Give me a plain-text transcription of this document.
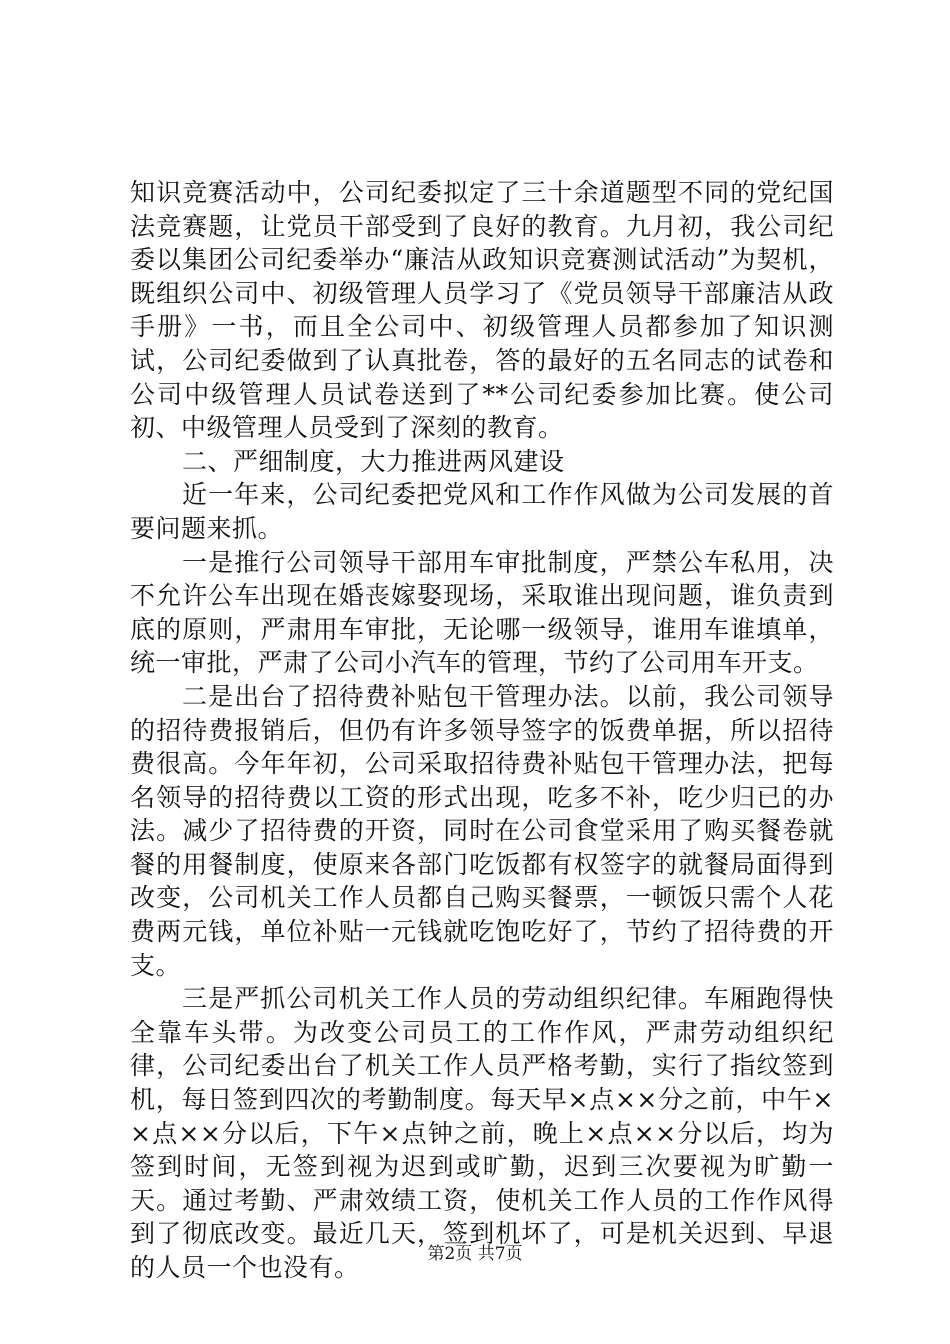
知识竞赛活动中，公司纪委拟定了三十余道题型不同的党纪国法竞赛题，让党员干部受到了良好的教育。九月初，我公司纪委以集团公司纪委举办“廉洁从政知识竞赛测试活动”为契机，既组织公司中、初级管理人员学习了《党员领导干部廉洁从政手册》一书，而且全公司中、初级管理人员都参加了知识测试，公司纪委做到了认真批卷，答的最好的五名同志的试卷和公司中级管理人员试卷送到了**公司纪委参加比赛。使公司初、中级管理人员受到了深刻的教育。

二、严细制度，大力推进两风建设

近一年来，公司纪委把党风和工作作风做为公司发展的首要问题来抓。

一是推行公司领导干部用车审批制度，严禁公车私用，决不允许公车出现在婚丧嫁娶现场，采取谁出现问题，谁负责到底的原则，严肃用车审批，无论哪一级领导，谁用车谁填单，统一审批，严肃了公司小汽车的管理，节约了公司用车开支。

二是出台了招待费补贴包干管理办法。以前，我公司领导的招待费报销后，但仍有许多领导签字的饭费单据，所以招待费很高。今年年初，公司采取招待费补贴包干管理办法，把每名领导的招待费以工资的形式出现，吃多不补，吃少归已的办法。减少了招待费的开资，同时在公司食堂采用了购买餐卷就餐的用餐制度，使原来各部门吃饭都有权签字的就餐局面得到改变，公司机关工作人员都自己购买餐票，一顿饭只需个人花费两元钱，单位补贴一元钱就吃饱吃好了，节约了招待费的开支。

三是严抓公司机关工作人员的劳动组织纪律。车厢跑得快全靠车头带。为改变公司员工的工作作风，严肃劳动组织纪律，公司纪委出台了机关工作人员严格考勤，实行了指纹签到机，每日签到四次的考勤制度。每天早×点××分之前，中午××点××分以后，下午×点钟之前，晚上×点××分以后，均为签到时间，无签到视为迟到或旷勤，迟到三次要视为旷勤一天。通过考勤、严肃效绩工资，使机关工作人员的工作作风得到了彻底改变。最近几天，签到机坏了，可是机关迟到、早退的人员一个也没有。	第2页 共7页
